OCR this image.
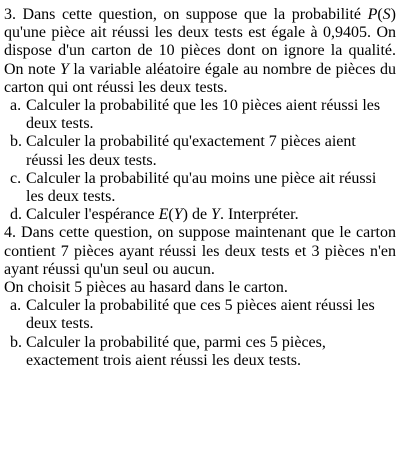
3. Dans cette question, on suppose que la probabilité P(S) qu'une pièce ait réussi les deux tests est égale à 0,9405. On dispose d'un carton de 10 pièces dont on ignore la qualité. On note Y la variable aléatoire égale au nombre de pièces du carton qui ont réussi les deux tests.
a. Calculer la probabilité que les 10 pièces aient réussi les deux tests.
b. Calculer la probabilité qu'exactement 7 pièces aient réussi les deux tests.
c. Calculer la probabilité qu'au moins une pièce ait réussi les deux tests.
d. Calculer l'espérance E(Y) de Y. Interpréter.
4. Dans cette question, on suppose maintenant que le carton contient 7 pièces ayant réussi les deux tests et 3 pièces n'en ayant réussi qu'un seul ou aucun.
On choisit 5 pièces au hasard dans le carton.
a. Calculer la probabilité que ces 5 pièces aient réussi les deux tests.
b. Calculer la probabilité que, parmi ces 5 pièces, exactement trois aient réussi les deux tests.
